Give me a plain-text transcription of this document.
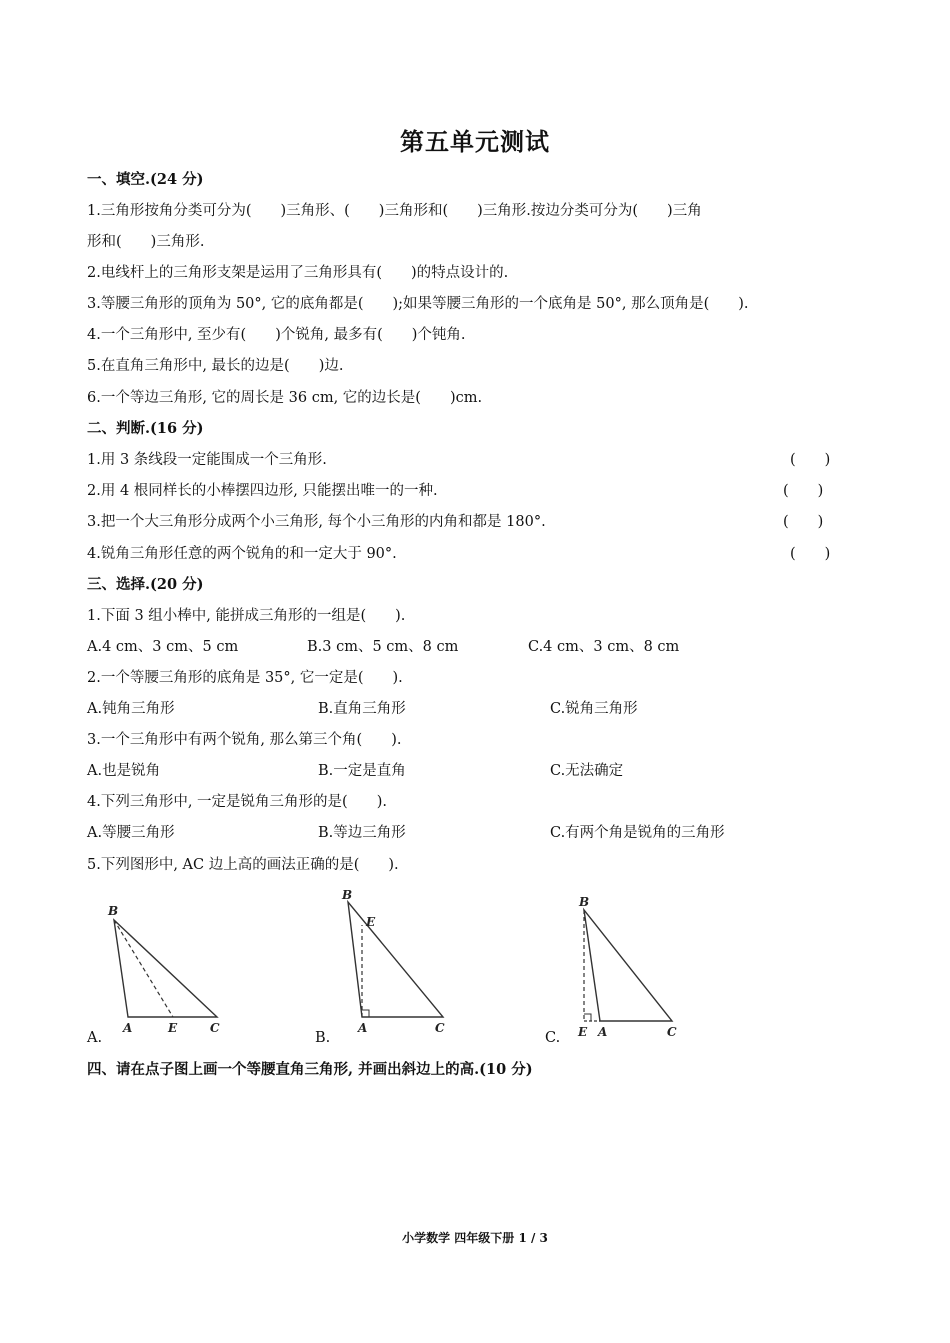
第五单元测试
一、填空.(24 分)
1.三角形按角分类可分为(　　)三角形、(　　)三角形和(　　)三角形.按边分类可分为(　　)三角
形和(　　)三角形.
2.电线杆上的三角形支架是运用了三角形具有(　　)的特点设计的.
3.等腰三角形的顶角为 50°, 它的底角都是(　　);如果等腰三角形的一个底角是 50°, 那么顶角是(　　).
4.一个三角形中, 至少有(　　)个锐角, 最多有(　　)个钝角.
5.在直角三角形中, 最长的边是(　　)边.
6.一个等边三角形, 它的周长是 36 cm, 它的边长是(　　)cm.
二、判断.(16 分)
1.用 3 条线段一定能围成一个三角形.	(　　)
2.用 4 根同样长的小棒摆四边形, 只能摆出唯一的一种.	(　　)
3.把一个大三角形分成两个小三角形, 每个小三角形的内角和都是 180°.	(　　)
4.锐角三角形任意的两个锐角的和一定大于 90°.	(　　)
三、选择.(20 分)
1.下面 3 组小棒中, 能拼成三角形的一组是(　　).
A.4 cm、3 cm、5 cm	B.3 cm、5 cm、8 cm	C.4 cm、3 cm、8 cm
2.一个等腰三角形的底角是 35°, 它一定是(　　).
A.钝角三角形	B.直角三角形	C.锐角三角形
3.一个三角形中有两个锐角, 那么第三个角(　　).
A.也是锐角	B.一定是直角	C.无法确定
4.下列三角形中, 一定是锐角三角形的是(　　).
A.等腰三角形	B.等边三角形	C.有两个角是锐角的三角形
5.下列图形中, AC 边上高的画法正确的是(　　).
A.
B
A	E	C
B.
B
E
A	C
C.
B
E A	C
四、请在点子图上画一个等腰直角三角形, 并画出斜边上的高.(10 分)
小学数学 四年级下册 1 / 3
